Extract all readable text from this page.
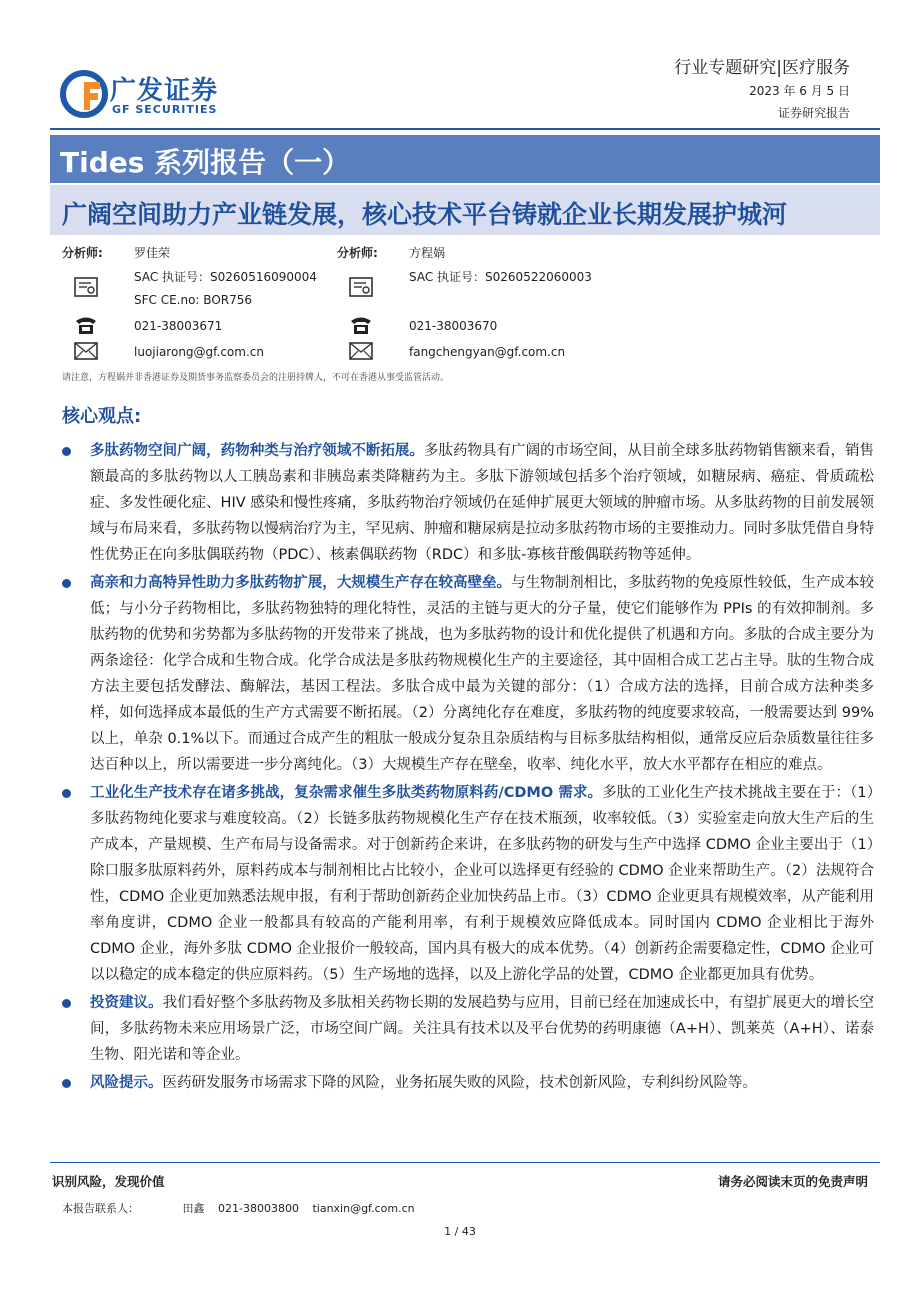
广发证券
GF SECURITIES
行业专题研究|医疗服务
2023 年 6 月 5 日
证券研究报告
Tides 系列报告（一）
广阔空间助力产业链发展，核心技术平台铸就企业长期发展护城河
分析师:	罗佳荣
SAC 执证号：S0260516090004
SFC CE.no: BOR756
021-38003671
luojiarong@gf.com.cn
分析师:	方程娲
SAC 执证号：S0260522060003
021-38003670
fangchengyan@gf.com.cn
请注意，方程娲并非香港证券及期货事务监察委员会的注册持牌人，不可在香港从事受监管活动。
核心观点:

多肽药物空间广阔，药物种类与治疗领域不断拓展。多肽药物具有广阔的市场空间，从目前全球多肽药物销售额来看，销售额最高的多肽药物以人工胰岛素和非胰岛素类降糖药为主。多肽下游领域包括多个治疗领域，如糖尿病、癌症、骨质疏松症、多发性硬化症、HIV 感染和慢性疼痛，多肽药物治疗领域仍在延伸扩展更大领域的肿瘤市场。从多肽药物的目前发展领域与布局来看，多肽药物以慢病治疗为主，罕见病、肿瘤和糖尿病是拉动多肽药物市场的主要推动力。同时多肽凭借自身特性优势正在向多肽偶联药物（PDC）、核素偶联药物（RDC）和多肽-寡核苷酸偶联药物等延伸。

高亲和力高特异性助力多肽药物扩展，大规模生产存在较高壁垒。与生物制剂相比，多肽药物的免疫原性较低，生产成本较低；与小分子药物相比，多肽药物独特的理化特性，灵活的主链与更大的分子量，使它们能够作为 PPIs 的有效抑制剂。多肽药物的优势和劣势都为多肽药物的开发带来了挑战，也为多肽药物的设计和优化提供了机遇和方向。多肽的合成主要分为两条途径：化学合成和生物合成。化学合成法是多肽药物规模化生产的主要途径，其中固相合成工艺占主导。肽的生物合成方法主要包括发酵法、酶解法，基因工程法。多肽合成中最为关键的部分：（1）合成方法的选择，目前合成方法种类多样，如何选择成本最低的生产方式需要不断拓展。（2）分离纯化存在难度，多肽药物的纯度要求较高，一般需要达到 99%以上，单杂 0.1%以下。而通过合成产生的粗肽一般成分复杂且杂质结构与目标多肽结构相似，通常反应后杂质数量往往多达百种以上，所以需要进一步分离纯化。（3）大规模生产存在壁垒，收率、纯化水平，放大水平都存在相应的难点。

工业化生产技术存在诸多挑战，复杂需求催生多肽类药物原料药/CDMO 需求。多肽的工业化生产技术挑战主要在于：（1）多肽药物纯化要求与难度较高。（2）长链多肽药物规模化生产存在技术瓶颈，收率较低。（3）实验室走向放大生产后的生产成本，产量规模、生产布局与设备需求。对于创新药企来讲，在多肽药物的研发与生产中选择 CDMO 企业主要出于（1）除口服多肽原料药外，原料药成本与制剂相比占比较小，企业可以选择更有经验的 CDMO 企业来帮助生产。（2）法规符合性，CDMO 企业更加熟悉法规申报，有利于帮助创新药企业加快药品上市。（3）CDMO 企业更具有规模效率，从产能利用率角度讲，CDMO 企业一般都具有较高的产能利用率，有利于规模效应降低成本。同时国内 CDMO 企业相比于海外 CDMO 企业，海外多肽 CDMO 企业报价一般较高，国内具有极大的成本优势。（4）创新药企需要稳定性，CDMO 企业可以以稳定的成本稳定的供应原料药。（5）生产场地的选择，以及上游化学品的处置，CDMO 企业都更加具有优势。

投资建议。我们看好整个多肽药物及多肽相关药物长期的发展趋势与应用，目前已经在加速成长中，有望扩展更大的增长空间，多肽药物未来应用场景广泛，市场空间广阔。关注具有技术以及平台优势的药明康德（A+H）、凯莱英（A+H）、诺泰生物、阳光诺和等企业。

风险提示。医药研发服务市场需求下降的风险，业务拓展失败的风险，技术创新风险，专利纠纷风险等。

识别风险，发现价值	请务必阅读末页的免责声明
本报告联系人：	田鑫 021-38003800 tianxin@gf.com.cn
1 / 43
